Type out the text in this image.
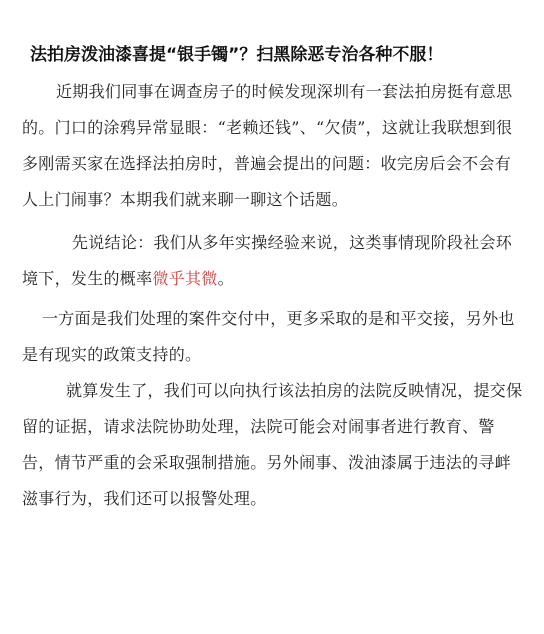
法拍房泼油漆喜提“银手镯”？扫黑除恶专治各种不服！

近期我们同事在调查房子的时候发现深圳有一套法拍房挺有意思的。门口的涂鸦异常显眼：“老赖还钱”、“欠债”，这就让我联想到很多刚需买家在选择法拍房时，普遍会提出的问题：收完房后会不会有人上门闹事？本期我们就来聊一聊这个话题。

先说结论：我们从多年实操经验来说，这类事情现阶段社会环境下，发生的概率微乎其微。

一方面是我们处理的案件交付中，更多采取的是和平交接，另外也是有现实的政策支持的。

就算发生了，我们可以向执行该法拍房的法院反映情况，提交保留的证据，请求法院协助处理，法院可能会对闹事者进行教育、警告，情节严重的会采取强制措施。另外闹事、泼油漆属于违法的寻衅滋事行为，我们还可以报警处理。
